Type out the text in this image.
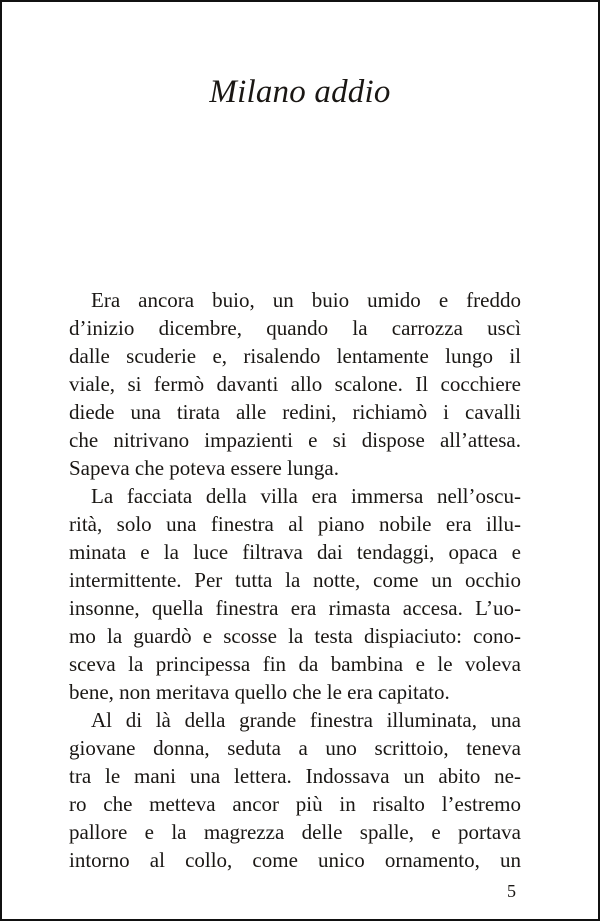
Milano addio
Era ancora buio, un buio umido e freddo
d’inizio dicembre, quando la carrozza uscì
dalle scuderie e, risalendo lentamente lungo il
viale, si fermò davanti allo scalone. Il cocchiere
diede una tirata alle redini, richiamò i cavalli
che nitrivano impazienti e si dispose all’attesa.
Sapeva che poteva essere lunga.
La facciata della villa era immersa nell’oscu-
rità, solo una finestra al piano nobile era illu-
minata e la luce filtrava dai tendaggi, opaca e
intermittente. Per tutta la notte, come un occhio
insonne, quella finestra era rimasta accesa. L’uo-
mo la guardò e scosse la testa dispiaciuto: cono-
sceva la principessa fin da bambina e le voleva
bene, non meritava quello che le era capitato.
Al di là della grande finestra illuminata, una
giovane donna, seduta a uno scrittoio, teneva
tra le mani una lettera. Indossava un abito ne-
ro che metteva ancor più in risalto l’estremo
pallore e la magrezza delle spalle, e portava
intorno al collo, come unico ornamento, un
5
